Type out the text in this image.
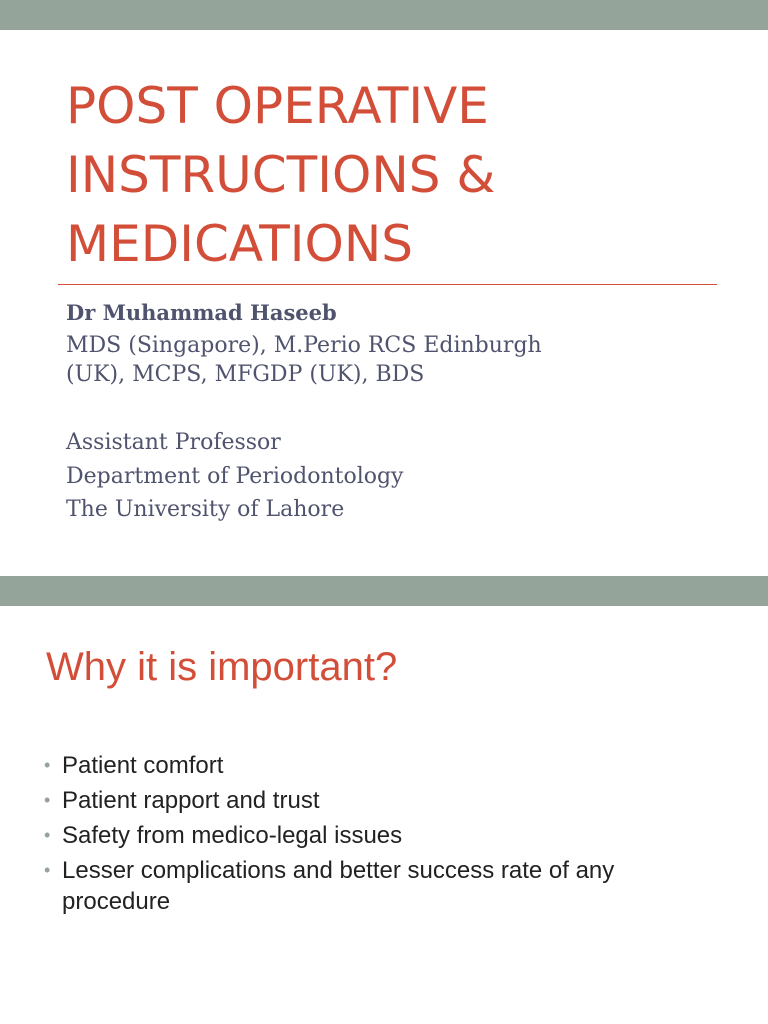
POST OPERATIVE
INSTRUCTIONS &
MEDICATIONS
Dr Muhammad Haseeb
MDS (Singapore), M.Perio RCS Edinburgh
(UK), MCPS, MFGDP (UK), BDS
Assistant Professor
Department of Periodontology
The University of Lahore
Why it is important?
• Patient comfort
• Patient rapport and trust
• Safety from medico-legal issues
• Lesser complications and better success rate of any procedure
